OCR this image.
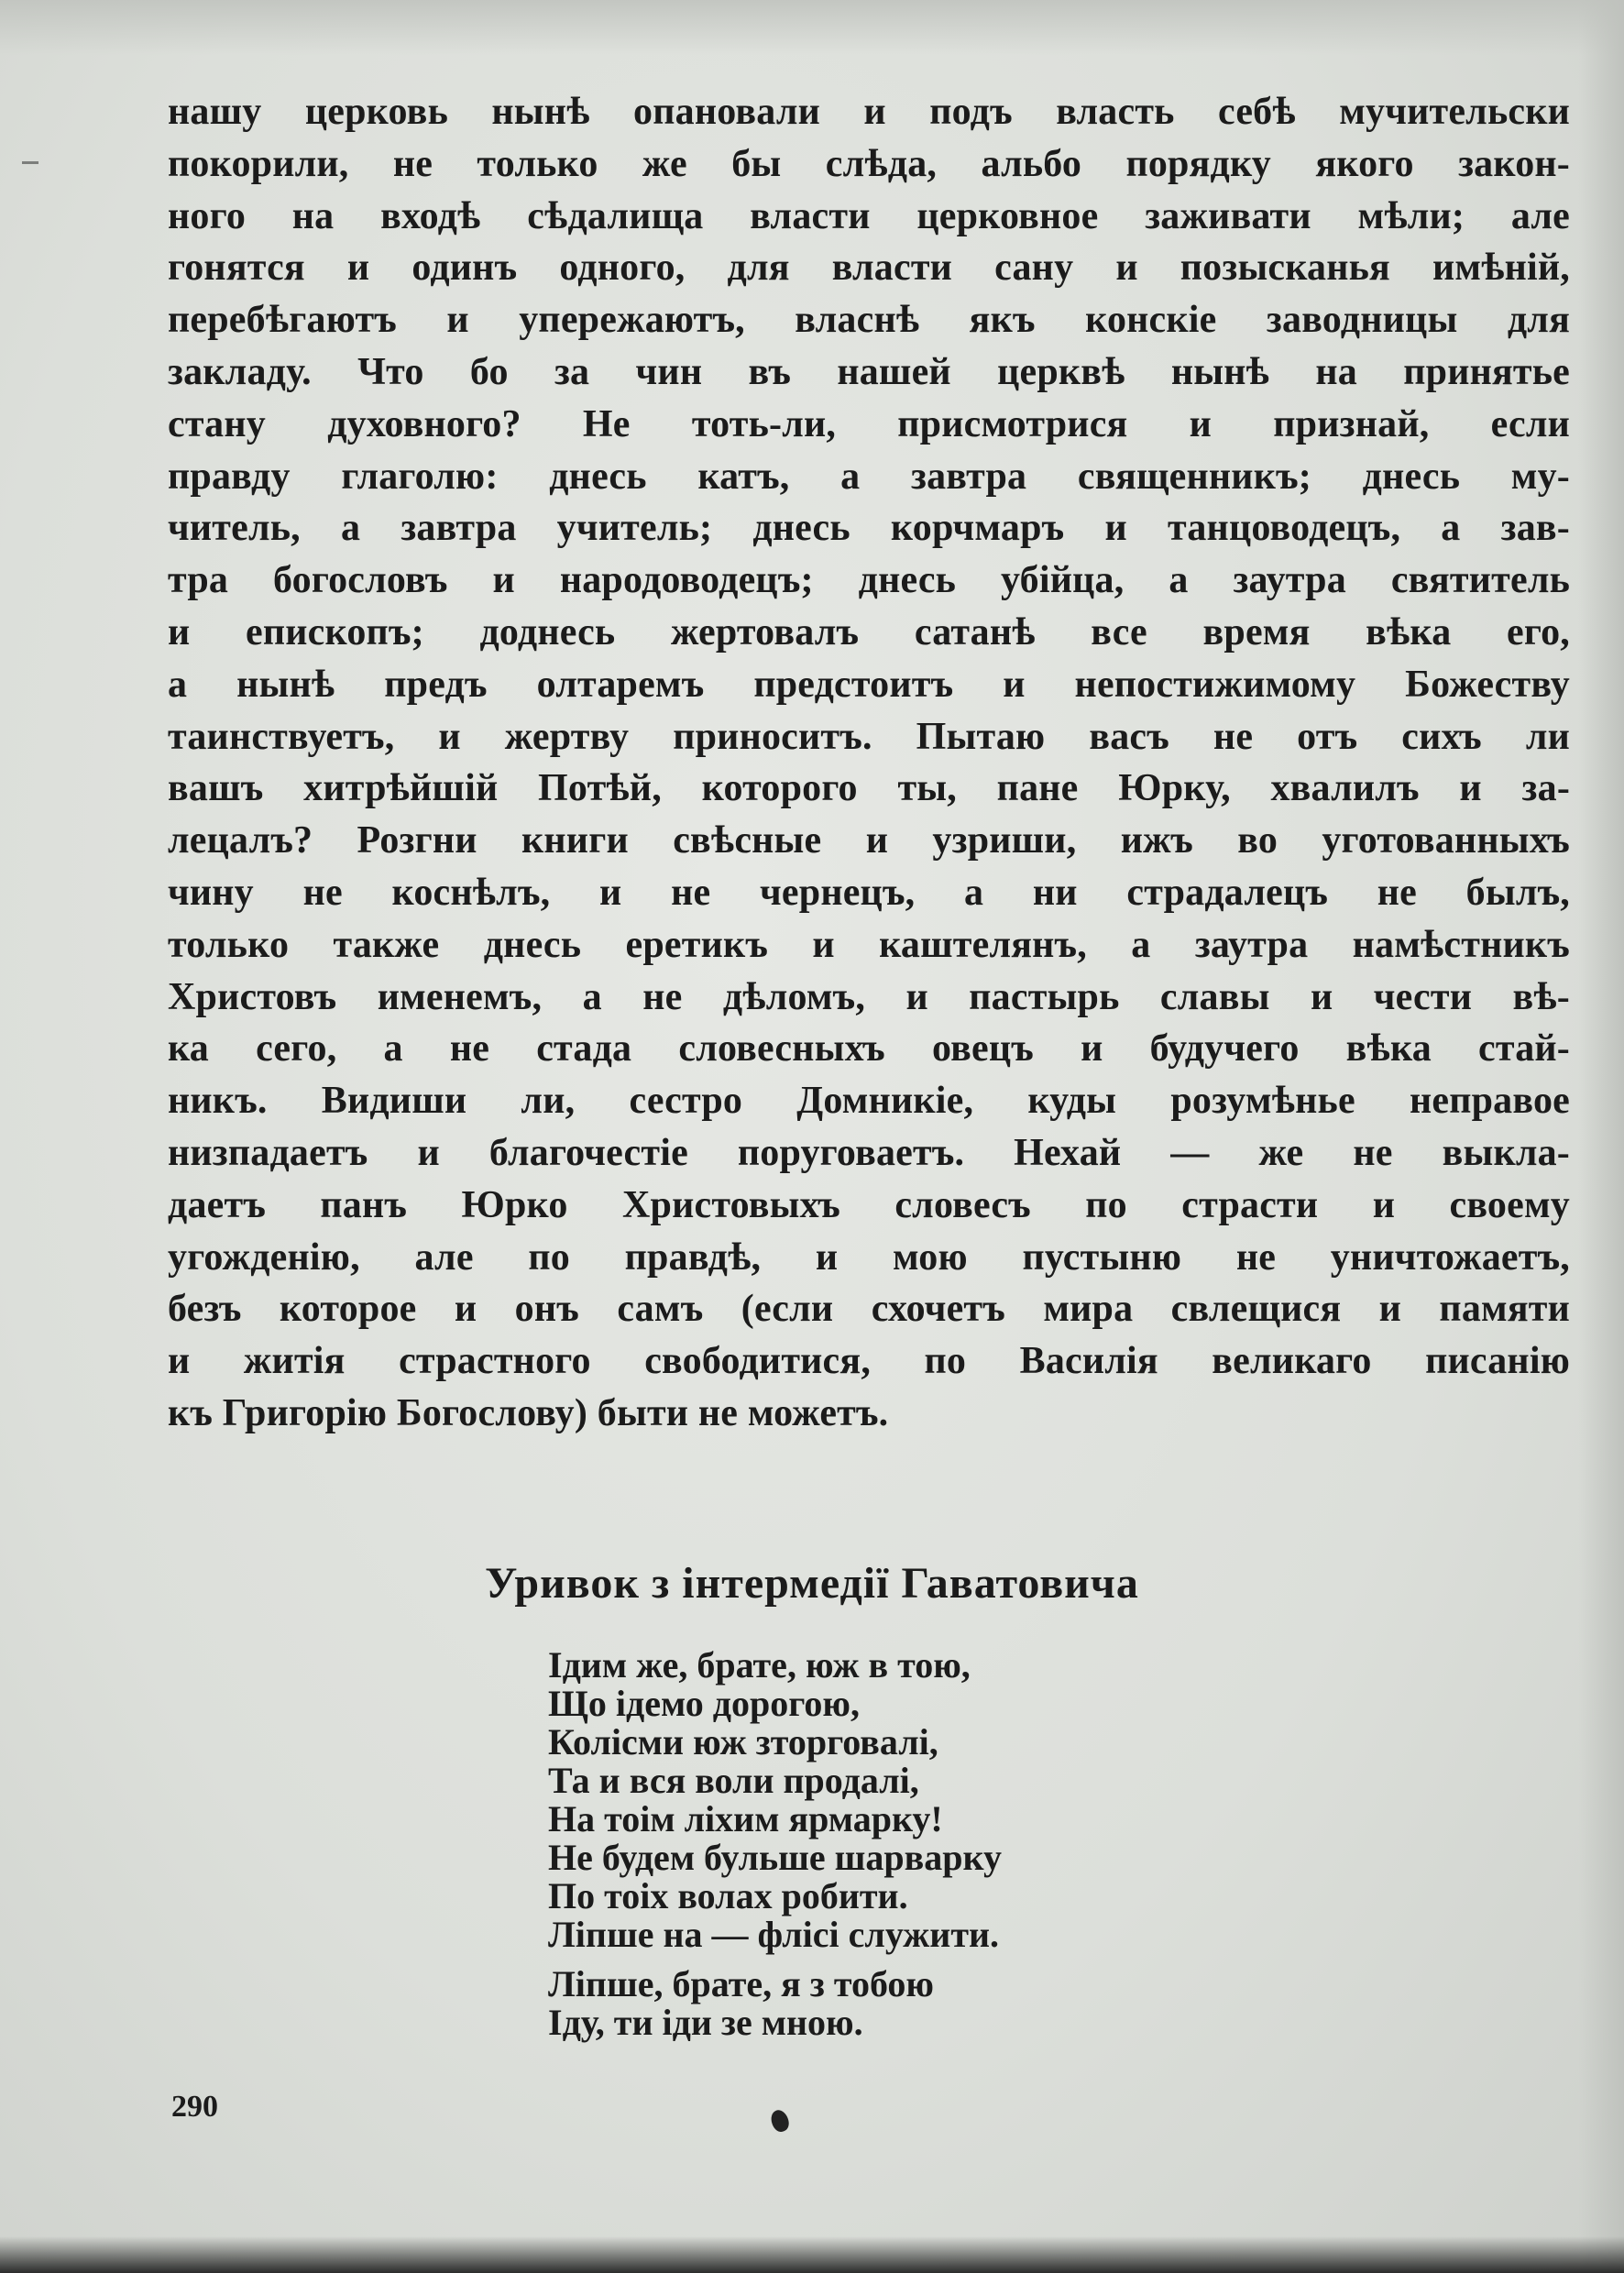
нашу церковь нынѣ опановали и подъ власть себѣ мучительски
покорили, не только же бы слѣда, альбо порядку якого закон-
ного на входѣ сѣдалища власти церковное заживати мѣли; але
гонятся и одинъ одного, для власти сану и позысканья имѣній,
перебѣгаютъ и упережаютъ, власнѣ якъ конскіе заводницы для
закладу. Что бо за чин въ нашей церквѣ нынѣ на принятье
стану духовного? Не тоть-ли, присмотрися и признай, если
правду глаголю: днесь катъ, а завтра священникъ; днесь му-
читель, а завтра учитель; днесь корчмаръ и танцоводецъ, а зав-
тра богословъ и народоводецъ; днесь убійца, а заутра святитель
и епископъ; доднесь жертовалъ сатанѣ все время вѣка его,
а нынѣ предъ олтаремъ предстоитъ и непостижимому Божеству
таинствуетъ, и жертву приноситъ. Пытаю васъ не отъ сихъ ли
вашъ хитрѣйшій Потѣй, которого ты, пане Юрку, хвалилъ и за-
лецалъ? Розгни книги свѣсные и узриши, ижъ во уготованныхъ
чину не коснѣлъ, и не чернецъ, а ни страдалецъ не былъ,
только также днесь еретикъ и каштелянъ, а заутра намѣстникъ
Христовъ именемъ, а не дѣломъ, и пастырь славы и чести вѣ-
ка сего, а не стада словесныхъ овецъ и будучего вѣка стай-
никъ. Видиши ли, сестро Домникіе, куды розумѣнье неправое
низпадаетъ и благочестіе поруговаетъ. Нехай — же не выкла-
даетъ панъ Юрко Христовыхъ словесъ по страсти и своему
угожденію, але по правдѣ, и мою пустыню не уничтожаетъ,
безъ которое и онъ самъ (если схочетъ мира свлещися и памяти
и житія страстного свободитися, по Василія великаго писанію
къ Григорію Богослову) быти не можетъ.
Уривок з інтермедії Гаватовича
Ідим же, брате, юж в тою,
Що ідемо дорогою,
Колісми юж зторговалі,
Та и вся воли продалі,
На тоім ліхим ярмарку!
Не будем бульше шарварку
По тоіх волах робити.
Ліпше на — флісі служити.
Ліпше, брате, я з тобою
Іду, ти іди зе мною.
290
